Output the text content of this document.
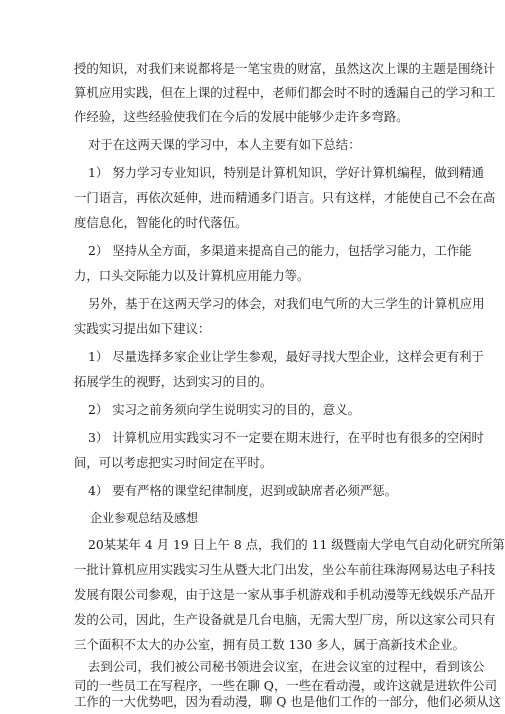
授的知识，对我们来说都将是一笔宝贵的财富，虽然这次上课的主题是围绕计
算机应用实践，但在上课的过程中，老师们都会时不时的透漏自己的学习和工
作经验，这些经验使我们在今后的发展中能够少走许多弯路。
对于在这两天课的学习中，本人主要有如下总结：
1） 努力学习专业知识，特别是计算机知识，学好计算机编程，做到精通
一门语言，再依次延伸，进而精通多门语言。只有这样，才能使自己不会在高
度信息化，智能化的时代落伍。
2） 坚持从全方面，多渠道来提高自己的能力，包括学习能力，工作能
力，口头交际能力以及计算机应用能力等。
另外，基于在这两天学习的体会，对我们电气所的大三学生的计算机应用
实践实习提出如下建议：
1） 尽量选择多家企业让学生参观，最好寻找大型企业，这样会更有利于
拓展学生的视野，达到实习的目的。
2） 实习之前务须向学生说明实习的目的，意义。
3） 计算机应用实践实习不一定要在期末进行，在平时也有很多的空闲时
间，可以考虑把实习时间定在平时。
4） 要有严格的课堂纪律制度，迟到或缺席者必须严惩。
企业参观总结及感想
20某某年 4 月 19 日上午 8 点，我们的 11 级暨南大学电气自动化研究所第
一批计算机应用实践实习生从暨大北门出发，坐公车前往珠海网易达电子科技
发展有限公司参观，由于这是一家从事手机游戏和手机动漫等无线娱乐产品开
发的公司，因此，生产设备就是几台电脑，无需大型厂房，所以这家公司只有
三个面积不太大的办公室，拥有员工数 130 多人，属于高新技术企业。
去到公司，我们被公司秘书领进会议室，在进会议室的过程中，看到该公
司的一些员工在写程序，一些在聊 Q，一些在看动漫，或许这就是进软件公司
工作的一大优势吧，因为看动漫，聊 Q 也是他们工作的一部分，他们必须从这
